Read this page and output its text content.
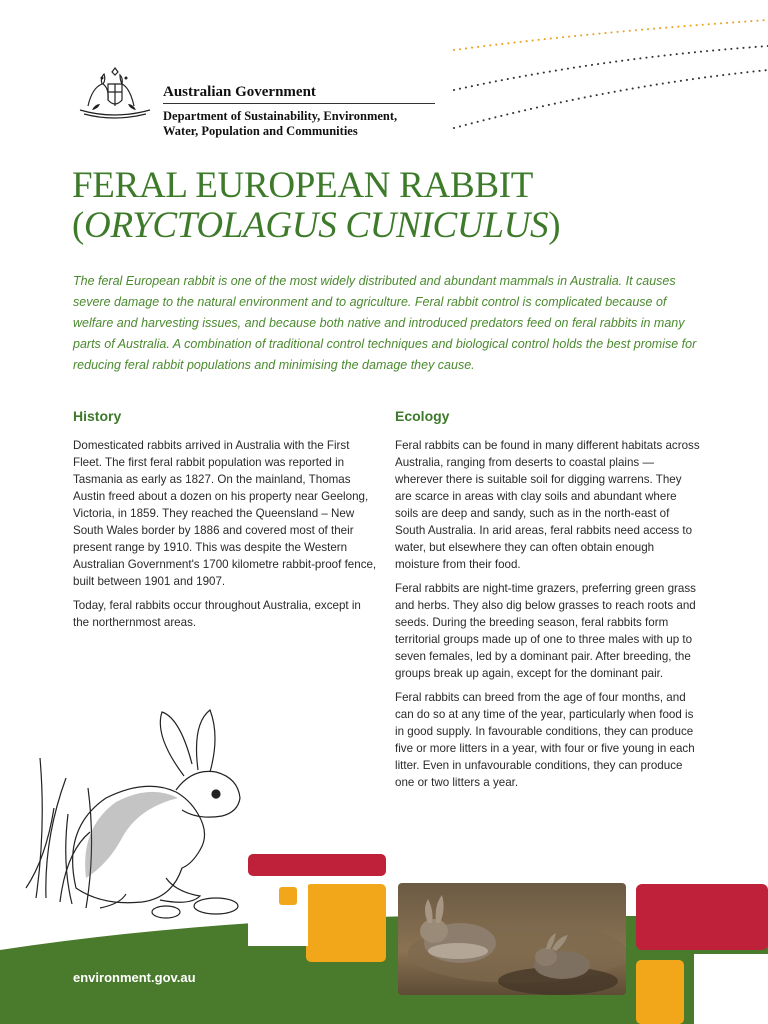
Australian Government
Department of Sustainability, Environment,
Water, Population and Communities
FERAL EUROPEAN RABBIT
(ORYCTOLAGUS CUNICULUS)

The feral European rabbit is one of the most widely distributed and abundant mammals in Australia. It causes severe damage to the natural environment and to agriculture. Feral rabbit control is complicated because of welfare and harvesting issues, and because both native and introduced predators feed on feral rabbits in many parts of Australia. A combination of traditional control techniques and biological control holds the best promise for reducing feral rabbit populations and minimising the damage they cause.

History

Domesticated rabbits arrived in Australia with the First Fleet. The first feral rabbit population was reported in Tasmania as early as 1827. On the mainland, Thomas Austin freed about a dozen on his property near Geelong, Victoria, in 1859. They reached the Queensland – New South Wales border by 1886 and covered most of their present range by 1910. This was despite the Western Australian Government's 1700 kilometre rabbit-proof fence, built between 1901 and 1907.

Today, feral rabbits occur throughout Australia, except in the northernmost areas.

Ecology

Feral rabbits can be found in many different habitats across Australia, ranging from deserts to coastal plains — wherever there is suitable soil for digging warrens. They are scarce in areas with clay soils and abundant where soils are deep and sandy, such as in the north-east of South Australia. In arid areas, feral rabbits need access to water, but elsewhere they can often obtain enough moisture from their food.

Feral rabbits are night-time grazers, preferring green grass and herbs. They also dig below grasses to reach roots and seeds. During the breeding season, feral rabbits form territorial groups made up of one to three males with up to seven females, led by a dominant pair. After breeding, the groups break up again, except for the dominant pair.

Feral rabbits can breed from the age of four months, and can do so at any time of the year, particularly when food is in good supply. In favourable conditions, they can produce five or more litters in a year, with four or five young in each litter. Even in unfavourable conditions, they can produce one or two litters a year.

environment.gov.au
